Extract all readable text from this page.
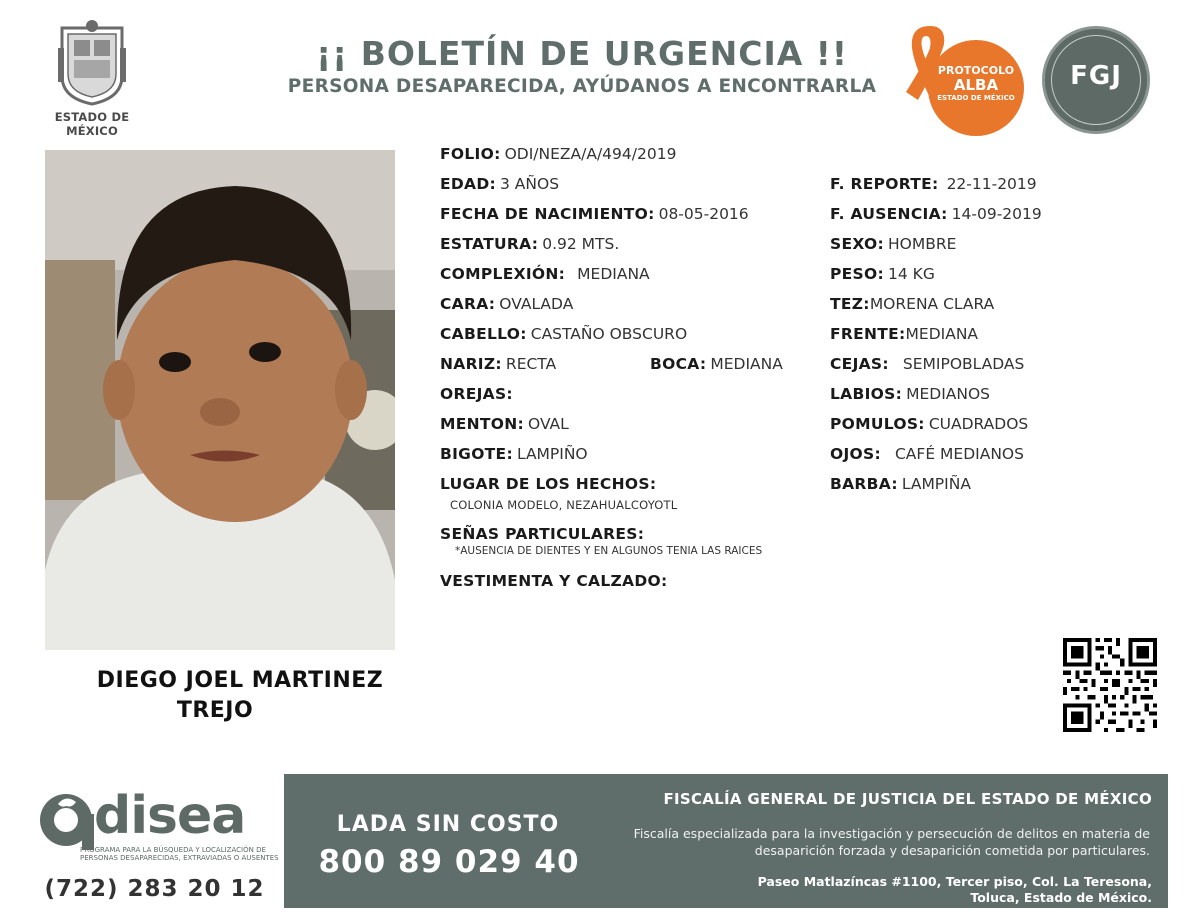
ESTADO DE MÉXICO
¡¡ BOLETÍN DE URGENCIA !!
PERSONA DESAPARECIDA, AYÚDANOS A ENCONTRARLA
PROTOCOLO
ALBA
ESTADO DE MÉXICO
FGJ
DIEGO JOEL MARTINEZ
TREJO
FOLIO: ODI/NEZA/A/494/2019
EDAD: 3 AÑOS
FECHA DE NACIMIENTO: 08-05-2016
ESTATURA: 0.92 MTS.
COMPLEXIÓN: MEDIANA
CARA: OVALADA
CABELLO: CASTAÑO OBSCURO
NARIZ: RECTA	BOCA: MEDIANA
OREJAS:
MENTON: OVAL
BIGOTE: LAMPIÑO
LUGAR DE LOS HECHOS:
COLONIA MODELO, NEZAHUALCOYOTL
SEÑAS PARTICULARES:
*AUSENCIA DE DIENTES Y EN ALGUNOS TENIA LAS RAICES
VESTIMENTA Y CALZADO:
F. REPORTE: 22-11-2019
F. AUSENCIA: 14-09-2019
SEXO: HOMBRE
PESO: 14 KG
TEZ:MORENA CLARA
FRENTE:MEDIANA
CEJAS: SEMIPOBLADAS
LABIOS: MEDIANOS
POMULOS: CUADRADOS
OJOS: CAFÉ MEDIANOS
BARBA: LAMPIÑA
disea
PROGRAMA PARA LA BÚSQUEDA Y LOCALIZACIÓN DE PERSONAS DESAPARECIDAS, EXTRAVIADAS O AUSENTES
(722) 283 20 12
LADA SIN COSTO
800 89 029 40
FISCALÍA GENERAL DE JUSTICIA DEL ESTADO DE MÉXICO
Fiscalía especializada para la investigación y persecución de delitos en materia de desaparición forzada y desaparición cometida por particulares.
Paseo Matlazíncas #1100, Tercer piso, Col. La Teresona,
Toluca, Estado de México.
